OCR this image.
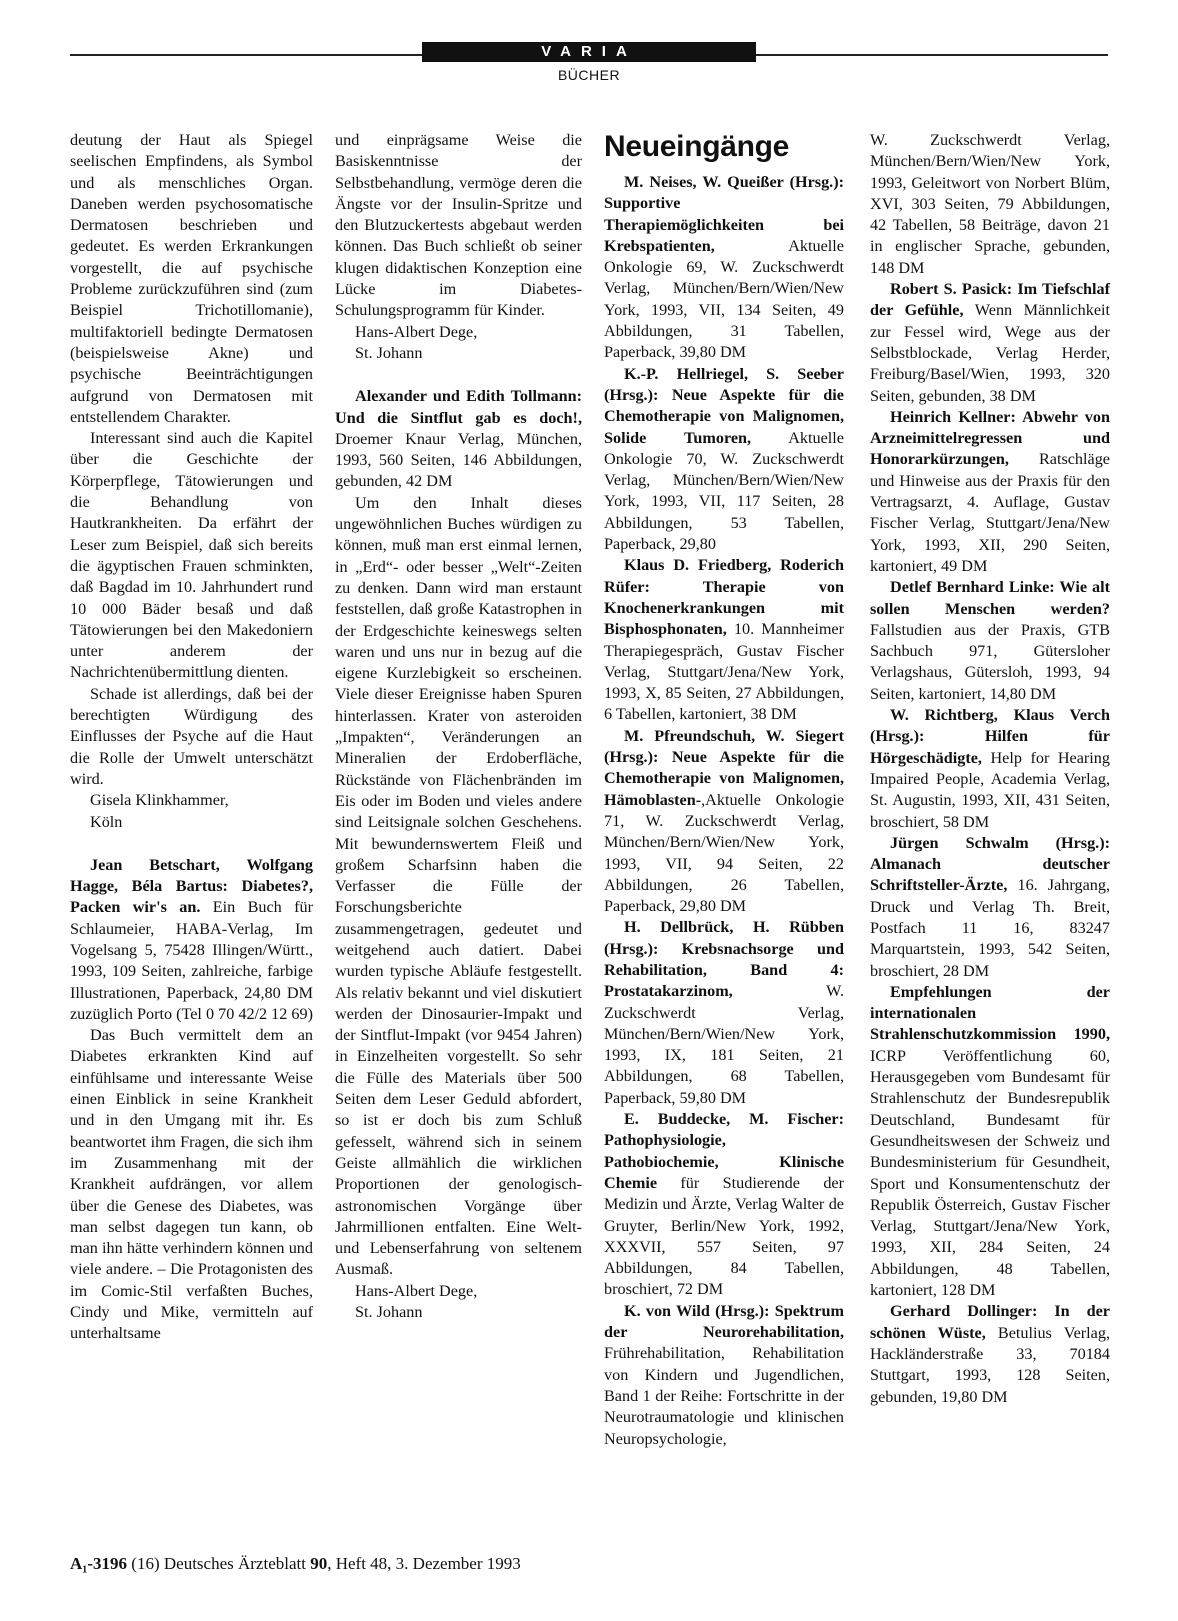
VARIA
BÜCHER

deutung der Haut als Spiegel seelischen Empfindens, als Symbol und als menschliches Organ. Daneben werden psychosomatische Dermatosen beschrieben und gedeutet. Es werden Erkrankungen vorgestellt, die auf psychische Probleme zurückzuführen sind (zum Beispiel Trichotillomanie), multifaktoriell bedingte Dermatosen (beispielsweise Akne) und psychische Beeinträchtigungen aufgrund von Dermatosen mit entstellendem Charakter.

Interessant sind auch die Kapitel über die Geschichte der Körperpflege, Tätowierungen und die Behandlung von Hautkrankheiten. Da erfährt der Leser zum Beispiel, daß sich bereits die ägyptischen Frauen schminkten, daß Bagdad im 10. Jahrhundert rund 10 000 Bäder besaß und daß Tätowierungen bei den Makedoniern unter anderem der Nachrichtenübermittlung dienten.

Schade ist allerdings, daß bei der berechtigten Würdigung des Einflusses der Psyche auf die Haut die Rolle der Umwelt unterschätzt wird.

Gisela Klinkhammer,

Köln

Jean Betschart, Wolfgang Hagge, Béla Bartus: Diabetes?, Packen wir's an. Ein Buch für Schlaumeier, HABA-Verlag, Im Vogelsang 5, 75428 Illingen/Württ., 1993, 109 Seiten, zahlreiche, farbige Illustrationen, Paperback, 24,80 DM zuzüglich Porto (Tel 0 70 42/2 12 69)

Das Buch vermittelt dem an Diabetes erkrankten Kind auf einfühlsame und interessante Weise einen Einblick in seine Krankheit und in den Umgang mit ihr. Es beantwortet ihm Fragen, die sich ihm im Zusammenhang mit der Krankheit aufdrängen, vor allem über die Genese des Diabetes, was man selbst dagegen tun kann, ob man ihn hätte verhindern können und viele andere. – Die Protagonisten des im Comic-Stil verfaßten Buches, Cindy und Mike, vermitteln auf unterhaltsame

und einprägsame Weise die Basiskenntnisse der Selbstbehandlung, vermöge deren die Ängste vor der Insulin-Spritze und den Blutzuckertests abgebaut werden können. Das Buch schließt ob seiner klugen didaktischen Konzeption eine Lücke im Diabetes-Schulungsprogramm für Kinder.

Hans-Albert Dege,

St. Johann

Alexander und Edith Tollmann: Und die Sintflut gab es doch!, Droemer Knaur Verlag, München, 1993, 560 Seiten, 146 Abbildungen, gebunden, 42 DM

Um den Inhalt dieses ungewöhnlichen Buches würdigen zu können, muß man erst einmal lernen, in „Erd“- oder besser „Welt“-Zeiten zu denken. Dann wird man erstaunt feststellen, daß große Katastrophen in der Erdgeschichte keineswegs selten waren und uns nur in bezug auf die eigene Kurzlebigkeit so erscheinen. Viele dieser Ereignisse haben Spuren hinterlassen. Krater von asteroiden „Impakten“, Veränderungen an Mineralien der Erdoberfläche, Rückstände von Flächenbränden im Eis oder im Boden und vieles andere sind Leitsignale solchen Geschehens. Mit bewundernswertem Fleiß und großem Scharfsinn haben die Verfasser die Fülle der Forschungsberichte zusammengetragen, gedeutet und weitgehend auch datiert. Dabei wurden typische Abläufe festgestellt. Als relativ bekannt und viel diskutiert werden der Dinosaurier-Impakt und der Sintflut-Impakt (vor 9454 Jahren) in Einzelheiten vorgestellt. So sehr die Fülle des Materials über 500 Seiten dem Leser Geduld abfordert, so ist er doch bis zum Schluß gefesselt, während sich in seinem Geiste allmählich die wirklichen Proportionen der genologisch-astronomischen Vorgänge über Jahrmillionen entfalten. Eine Welt- und Lebenserfahrung von seltenem Ausmaß.

Hans-Albert Dege,

St. Johann

Neueingänge

M. Neises, W. Queißer (Hrsg.): Supportive Therapiemöglichkeiten bei Krebspatienten, Aktuelle Onkologie 69, W. Zuckschwerdt Verlag, München/Bern/Wien/New York, 1993, VII, 134 Seiten, 49 Abbildungen, 31 Tabellen, Paperback, 39,80 DM

K.-P. Hellriegel, S. Seeber (Hrsg.): Neue Aspekte für die Chemotherapie von Malignomen, Solide Tumoren, Aktuelle Onkologie 70, W. Zuckschwerdt Verlag, München/Bern/Wien/New York, 1993, VII, 117 Seiten, 28 Abbildungen, 53 Tabellen, Paperback, 29,80

Klaus D. Friedberg, Roderich Rüfer: Therapie von Knochenerkrankungen mit Bisphosphonaten, 10. Mannheimer Therapiegespräch, Gustav Fischer Verlag, Stuttgart/Jena/New York, 1993, X, 85 Seiten, 27 Abbildungen, 6 Tabellen, kartoniert, 38 DM

M. Pfreundschuh, W. Siegert (Hrsg.): Neue Aspekte für die Chemotherapie von Malignomen, Hämoblasten-,Aktuelle Onkologie 71, W. Zuckschwerdt Verlag, München/Bern/Wien/New York, 1993, VII, 94 Seiten, 22 Abbildungen, 26 Tabellen, Paperback, 29,80 DM

H. Dellbrück, H. Rübben (Hrsg.): Krebsnachsorge und Rehabilitation, Band 4: Prostatakarzinom, W. Zuckschwerdt Verlag, München/Bern/Wien/New York, 1993, IX, 181 Seiten, 21 Abbildungen, 68 Tabellen, Paperback, 59,80 DM

E. Buddecke, M. Fischer: Pathophysiologie, Pathobiochemie, Klinische Chemie für Studierende der Medizin und Ärzte, Verlag Walter de Gruyter, Berlin/New York, 1992, XXXVII, 557 Seiten, 97 Abbildungen, 84 Tabellen, broschiert, 72 DM

K. von Wild (Hrsg.): Spektrum der Neurorehabilitation, Frührehabilitation, Rehabilitation von Kindern und Jugendlichen, Band 1 der Reihe: Fortschritte in der Neurotraumatologie und klinischen Neuropsychologie,

W. Zuckschwerdt Verlag, München/Bern/Wien/New York, 1993, Geleitwort von Norbert Blüm, XVI, 303 Seiten, 79 Abbildungen, 42 Tabellen, 58 Beiträge, davon 21 in englischer Sprache, gebunden, 148 DM

Robert S. Pasick: Im Tiefschlaf der Gefühle, Wenn Männlichkeit zur Fessel wird, Wege aus der Selbstblockade, Verlag Herder, Freiburg/Basel/Wien, 1993, 320 Seiten, gebunden, 38 DM

Heinrich Kellner: Abwehr von Arzneimittelregressen und Honorarkürzungen, Ratschläge und Hinweise aus der Praxis für den Vertragsarzt, 4. Auflage, Gustav Fischer Verlag, Stuttgart/Jena/New York, 1993, XII, 290 Seiten, kartoniert, 49 DM

Detlef Bernhard Linke: Wie alt sollen Menschen werden? Fallstudien aus der Praxis, GTB Sachbuch 971, Gütersloher Verlagshaus, Gütersloh, 1993, 94 Seiten, kartoniert, 14,80 DM

W. Richtberg, Klaus Verch (Hrsg.): Hilfen für Hörgeschädigte, Help for Hearing Impaired People, Academia Verlag, St. Augustin, 1993, XII, 431 Seiten, broschiert, 58 DM

Jürgen Schwalm (Hrsg.): Almanach deutscher Schriftsteller-Ärzte, 16. Jahrgang, Druck und Verlag Th. Breit, Postfach 11 16, 83247 Marquartstein, 1993, 542 Seiten, broschiert, 28 DM

Empfehlungen der internationalen Strahlenschutzkommission 1990, ICRP Veröffentlichung 60, Herausgegeben vom Bundesamt für Strahlenschutz der Bundesrepublik Deutschland, Bundesamt für Gesundheitswesen der Schweiz und Bundesministerium für Gesundheit, Sport und Konsumentenschutz der Republik Österreich, Gustav Fischer Verlag, Stuttgart/Jena/New York, 1993, XII, 284 Seiten, 24 Abbildungen, 48 Tabellen, kartoniert, 128 DM

Gerhard Dollinger: In der schönen Wüste, Betulius Verlag, Hackländerstraße 33, 70184 Stuttgart, 1993, 128 Seiten, gebunden, 19,80 DM

A₁-3196 (16) Deutsches Ärzteblatt 90, Heft 48, 3. Dezember 1993
